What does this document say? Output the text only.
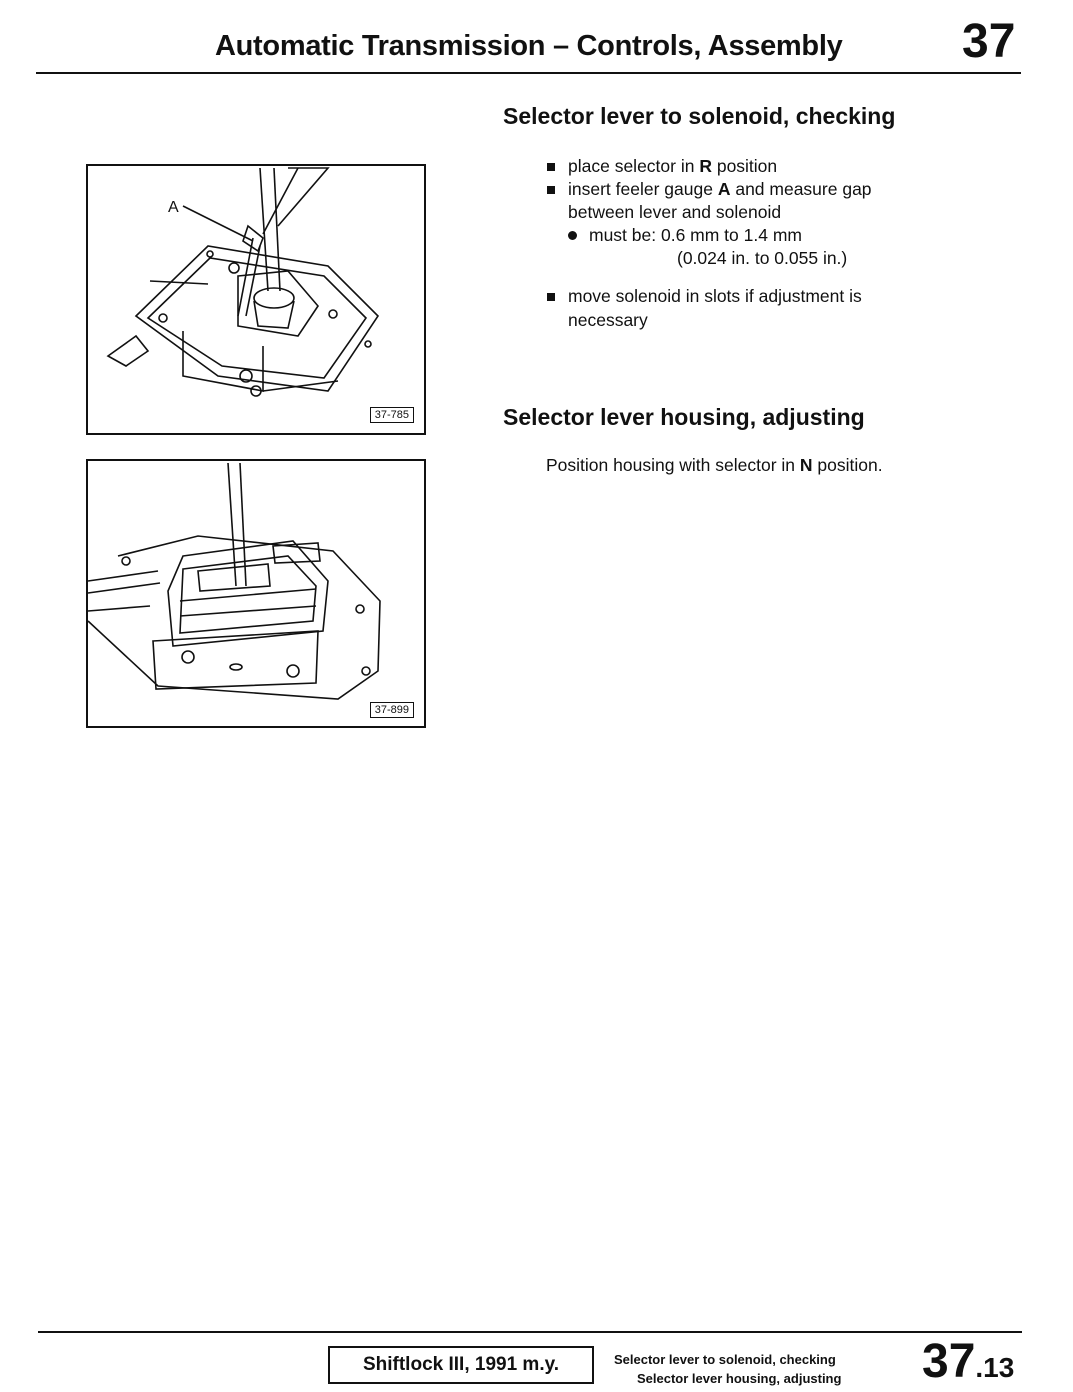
Automatic Transmission – Controls, Assembly 37
A
37-785
37-899
Selector lever to solenoid, checking
place selector in R position
insert feeler gauge A and measure gap
between lever and solenoid
must be: 0.6 mm to 1.4 mm
(0.024 in. to 0.055 in.)
move solenoid in slots if adjustment is
necessary
Selector lever housing, adjusting
Position housing with selector in N position.
Shiftlock III, 1991 m.y.	Selector lever to solenoid, checking
Selector lever housing, adjusting 37.13
